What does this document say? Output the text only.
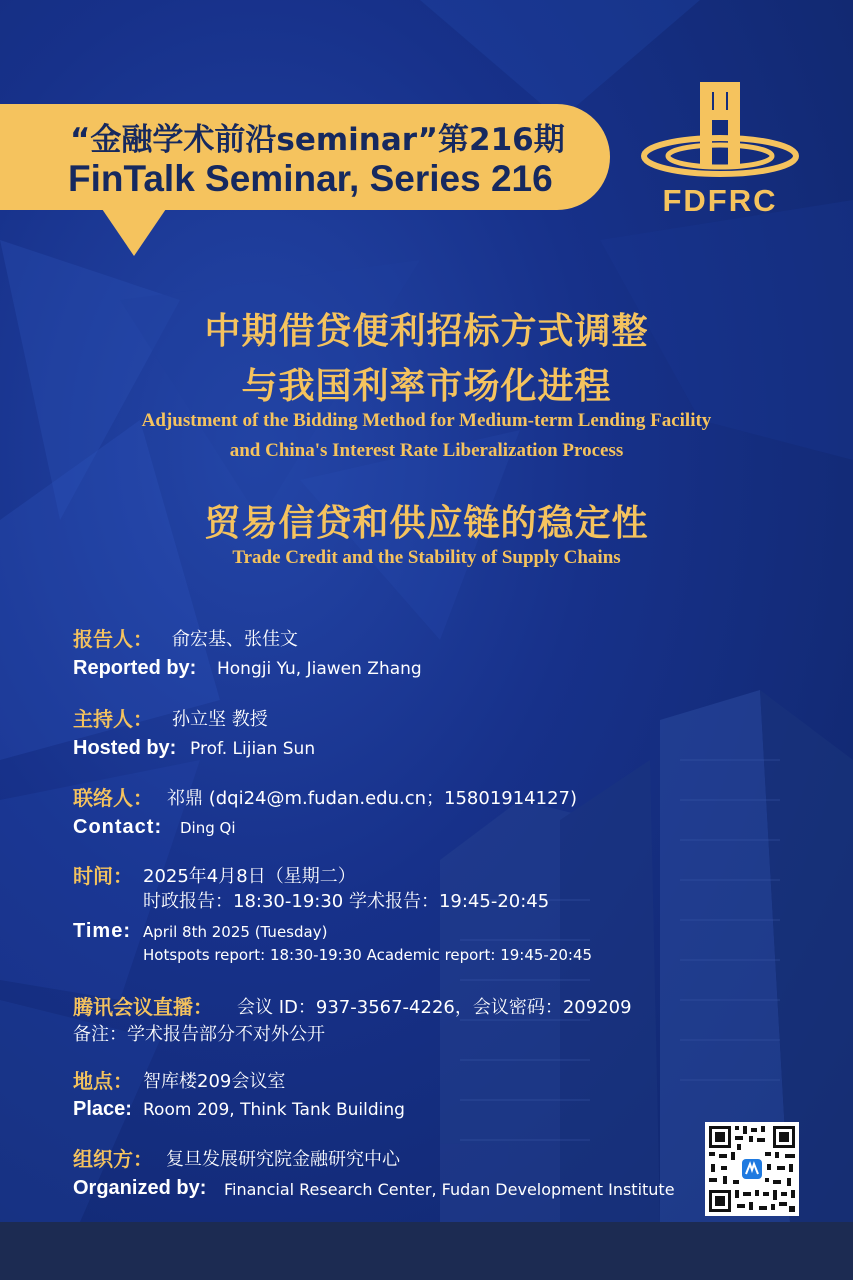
“金融学术前沿seminar”第216期
FinTalk Seminar, Series 216
FDFRC
中期借贷便利招标方式调整
与我国利率市场化进程
Adjustment of the Bidding Method for Medium-term Lending Facility
and China's Interest Rate Liberalization Process
贸易信贷和供应链的稳定性
Trade Credit and the Stability of Supply Chains
报告人： 俞宏基、张佳文
Reported by: Hongji Yu, Jiawen Zhang
主持人： 孙立坚 教授
Hosted by: Prof. Lijian Sun
联络人： 祁鼎 (dqi24@m.fudan.edu.cn；15801914127)
Contact: Ding Qi
时间： 2025年4月8日（星期二）
时政报告：18:30-19:30 学术报告：19:45-20:45
Time: April 8th 2025 (Tuesday)
Hotspots report: 18:30-19:30 Academic report: 19:45-20:45
腾讯会议直播： 会议 ID：937-3567-4226，会议密码：209209
备注：学术报告部分不对外公开
地点： 智库楼209会议室
Place: Room 209, Think Tank Building
组织方： 复旦发展研究院金融研究中心
Organized by: Financial Research Center, Fudan Development Institute
